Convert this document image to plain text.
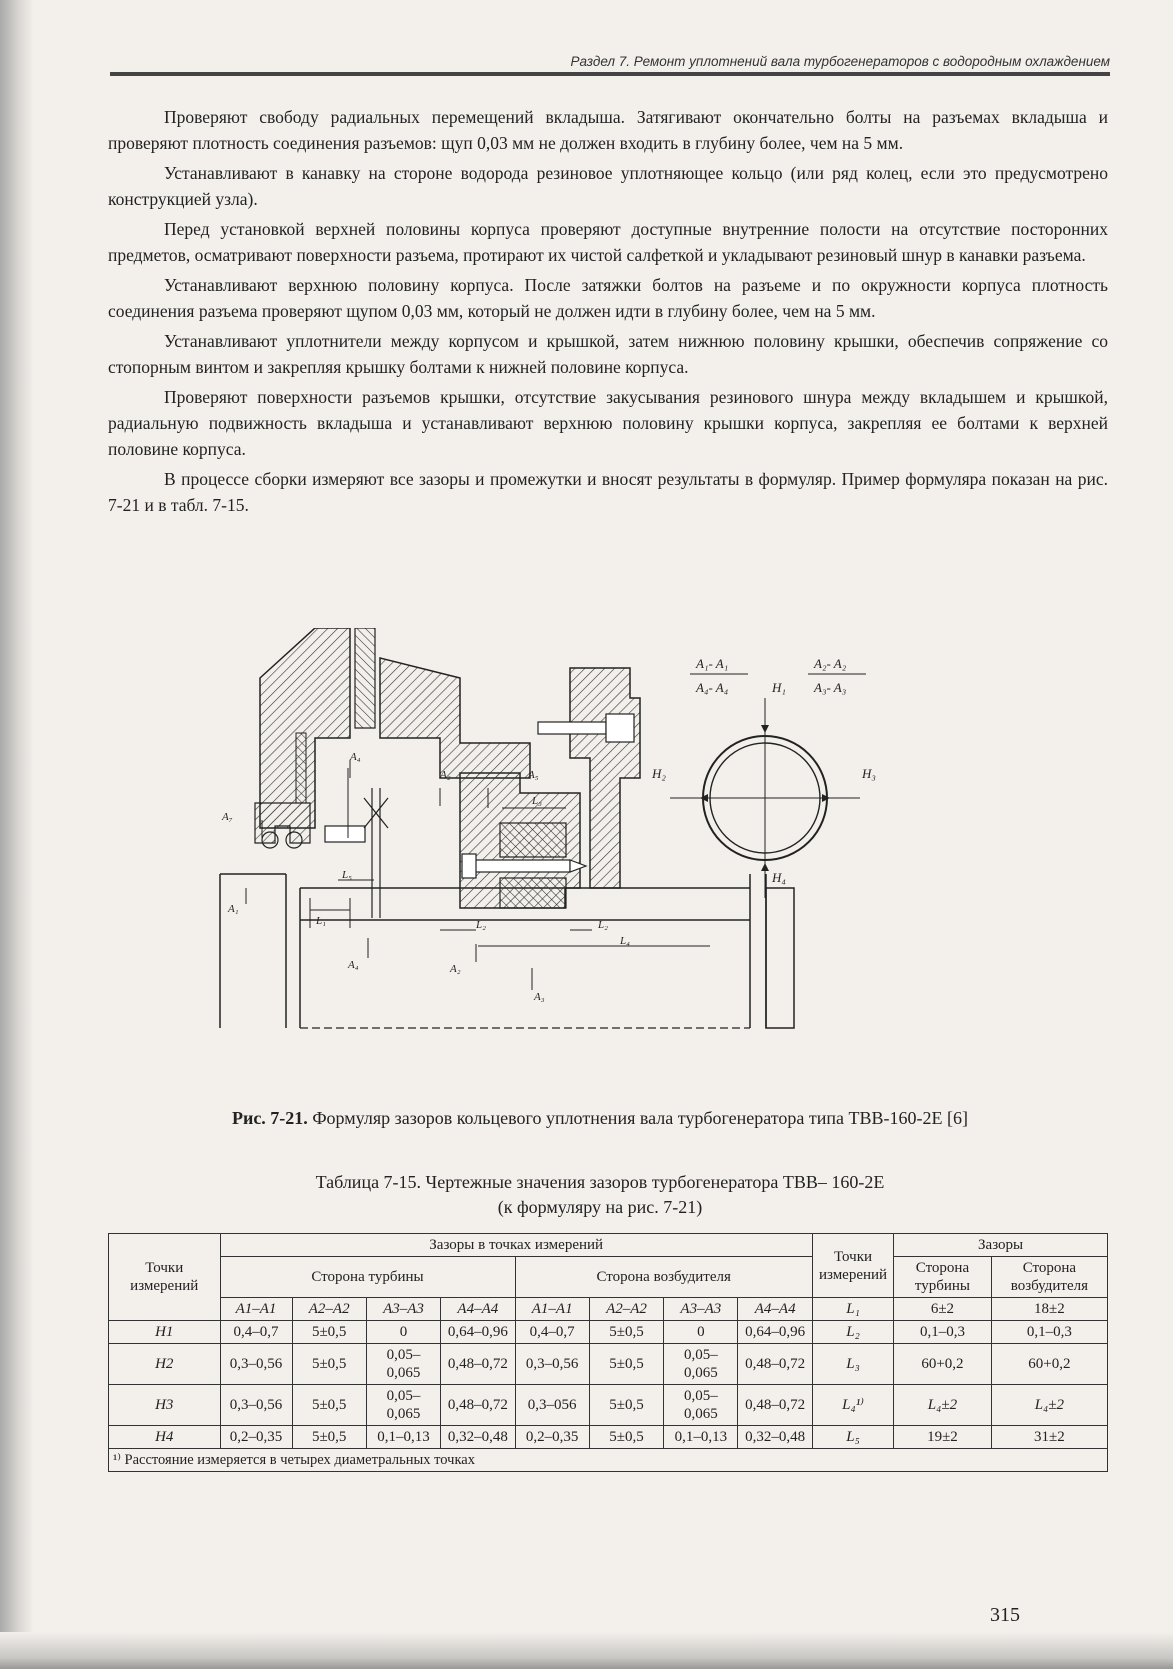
Раздел 7. Ремонт уплотнений вала турбогенераторов с водородным охлаждением

Проверяют свободу радиальных перемещений вкладыша. Затягивают окончательно болты на разъемах вкладыша и проверяют плотность соединения разъемов: щуп 0,03 мм не должен входить в глубину более, чем на 5 мм.

Устанавливают в канавку на стороне водорода резиновое уплотняющее кольцо (или ряд колец, если это предусмотрено конструкцией узла).

Перед установкой верхней половины корпуса проверяют доступные внутренние полости на отсутствие посторонних предметов, осматривают поверхности разъема, протирают их чистой салфеткой и укладывают резиновый шнур в канавки разъема.

Устанавливают верхнюю половину корпуса. После затяжки болтов на разъеме и по окружности корпуса плотность соединения разъема проверяют щупом 0,03 мм, который не должен идти в глубину более, чем на 5 мм.

Устанавливают уплотнители между корпусом и крышкой, затем нижнюю половину крышки, обеспечив сопряжение со стопорным винтом и закрепляя крышку болтами к нижней половине корпуса.

Проверяют поверхности разъемов крышки, отсутствие закусывания резинового шнура между вкладышем и крышкой, радиальную подвижность вкладыша и устанавливают верхнюю половину крышки корпуса, закрепляя ее болтами к верхней половине корпуса.

В процессе сборки измеряют все зазоры и промежутки и вносят результаты в формуляр. Пример формуляра показан на рис. 7-21 и в табл. 7-15.

A₄
A₂	A₅
L₃
A₇
L₅
A₁
L₁	L₂	L₂
L₄
A₄	A₂
A₃
A₁- A₁
A₄- A₄
A₂- A₂
A₃- A₃
H₁
H₂	H₃
H₄
Рис. 7-21. Формуляр зазоров кольцевого уплотнения вала турбогенератора типа ТВВ-160-2Е [6]
Таблица 7-15. Чертежные значения зазоров турбогенератора ТВВ– 160-2Е
(к формуляру на рис. 7-21)
Точки измерений	Зазоры в точках измерений								Точки измерений	Зазоры	
	Сторона турбины				Сторона возбудителя					Сторона турбины	Сторона возбудителя
	A1–A1	A2–A2	A3–A3	A4–A4	A1–A1	A2–A2	A3–A3	A4–A4	L₁	6±2	18±2
H1	0,4–0,7	5±0,5	0	0,64–0,96	0,4–0,7	5±0,5	0	0,64–0,96	L₂	0,1–0,3	0,1–0,3
H2	0,3–0,56	5±0,5	0,05–0,065	0,48–0,72	0,3–0,56	5±0,5	0,05–0,065	0,48–0,72	L₃	60+0,2	60+0,2
H3	0,3–0,56	5±0,5	0,05–0,065	0,48–0,72	0,3–056	5±0,5	0,05–0,065	0,48–0,72	L₄¹⁾	L₄±2	L₄±2
H4	0,2–0,35	5±0,5	0,1–0,13	0,32–0,48	0,2–0,35	5±0,5	0,1–0,13	0,32–0,48	L₅	19±2	31±2
¹⁾ Расстояние измеряется в четырех диаметральных точках											
315
